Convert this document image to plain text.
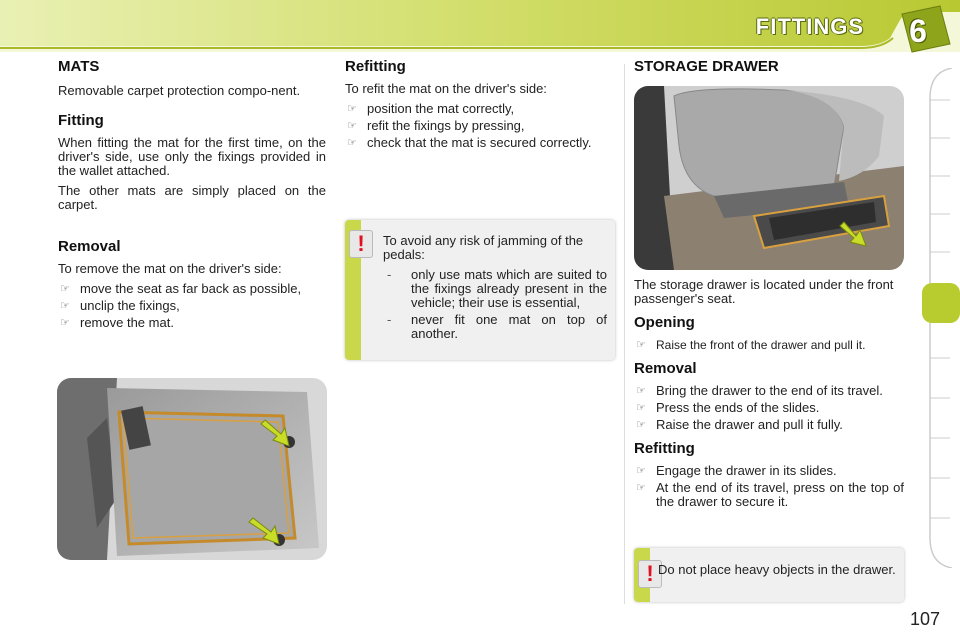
FITTINGS 6
MATS

Removable carpet protection compo-nent.

Fitting

When fitting the mat for the first time, on the driver's side, use only the fixings provided in the wallet attached.

The other mats are simply placed on the carpet.

Removal

To remove the mat on the driver's side:

☞ move the seat as far back as possible,
☞ unclip the fixings,
☞ remove the mat.
Refitting

To refit the mat on the driver's side:

☞ position the mat correctly,
☞ refit the fixings by pressing,
☞ check that the mat is secured correctly.
!	To avoid any risk of jamming of the pedals:

- only use mats which are suited to the fixings already present in the vehicle; their use is essential,
- never fit one mat on top of another.
STORAGE DRAWER

The storage drawer is located under the front passenger's seat.

Opening
☞ Raise the front of the drawer and pull it.
Removal
☞ Bring the drawer to the end of its travel.
☞ Press the ends of the slides.
☞ Raise the drawer and pull it fully.
Refitting
☞ Engage the drawer in its slides.
☞ At the end of its travel, press on the top of the drawer to secure it.
! Do not place heavy objects in the drawer.

107
